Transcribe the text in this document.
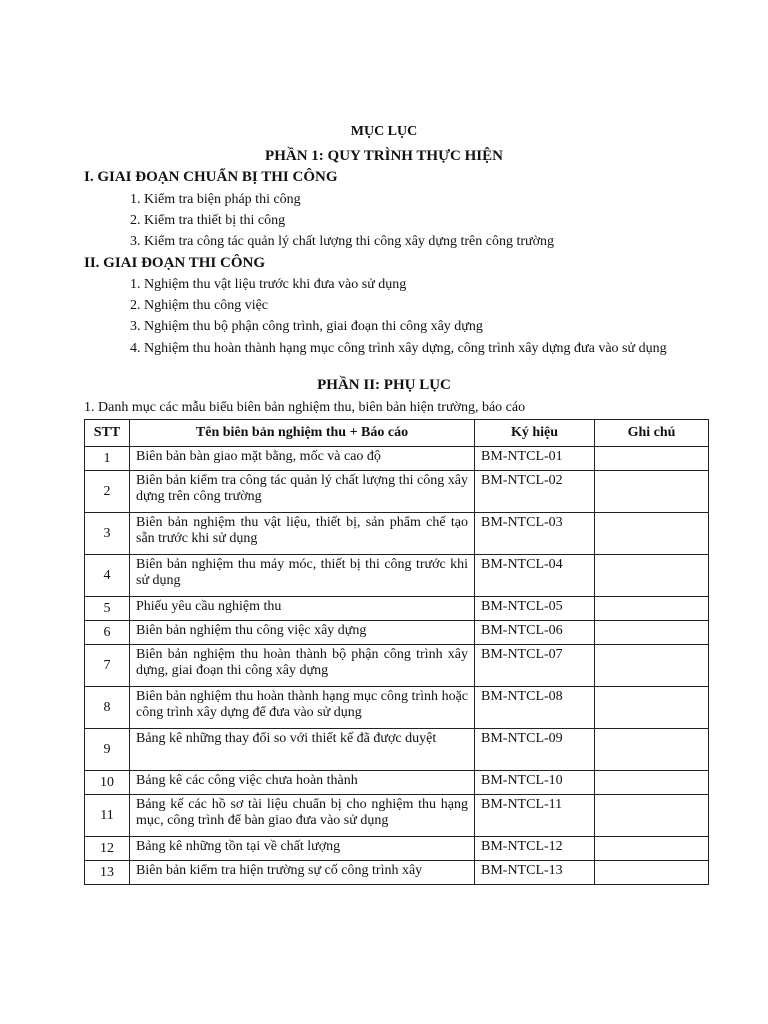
MỤC LỤC
PHẦN 1: QUY TRÌNH THỰC HIỆN
I. GIAI ĐOẠN CHUẨN BỊ THI CÔNG
1. Kiểm tra biện pháp thi công
2. Kiểm tra thiết bị thi công
3. Kiểm tra công tác quản lý chất lượng thi công xây dựng trên công trường
II. GIAI ĐOẠN THI CÔNG
1. Nghiệm thu vật liệu trước khi đưa vào sử dụng
2. Nghiệm thu công việc
3. Nghiệm thu bộ phận công trình, giai đoạn thi công xây dựng
4. Nghiệm thu hoàn thành hạng mục công trình xây dựng, công trình xây dựng đưa vào sử dụng
PHẦN II: PHỤ LỤC
1. Danh mục các mẫu biểu biên bản nghiệm thu, biên bản hiện trường, báo cáo
STT	Tên biên bản nghiệm thu + Báo cáo	Ký hiệu	Ghi chú
1	Biên bản bàn giao mặt bằng, mốc và cao độ	BM-NTCL-01	
2	Biên bản kiểm tra công tác quản lý chất lượng thi công xây dựng trên công trường	BM-NTCL-02	
3	Biên bản nghiệm thu vật liệu, thiết bị, sản phẩm chế tạo sẵn trước khi sử dụng	BM-NTCL-03	
4	Biên bản nghiệm thu máy móc, thiết bị thi công trước khi sử dụng	BM-NTCL-04	
5	Phiếu yêu cầu nghiệm thu	BM-NTCL-05	
6	Biên bản nghiệm thu công việc xây dựng	BM-NTCL-06	
7	Biên bản nghiệm thu hoàn thành bộ phận công trình xây dựng, giai đoạn thi công xây dựng	BM-NTCL-07	
8	Biên bản nghiệm thu hoàn thành hạng mục công trình hoặc công trình xây dựng để đưa vào sử dụng	BM-NTCL-08	
9	Bảng kê những thay đổi so với thiết kế đã được duyệt	BM-NTCL-09	
10	Bảng kê các công việc chưa hoàn thành	BM-NTCL-10	
11	Bảng kế các hồ sơ tài liệu chuẩn bị cho nghiệm thu hạng mục, công trình để bàn giao đưa vào sử dụng	BM-NTCL-11	
12	Bảng kê những tồn tại về chất lượng	BM-NTCL-12	
13	Biên bản kiểm tra hiện trường sự cố công trình xây	BM-NTCL-13	
